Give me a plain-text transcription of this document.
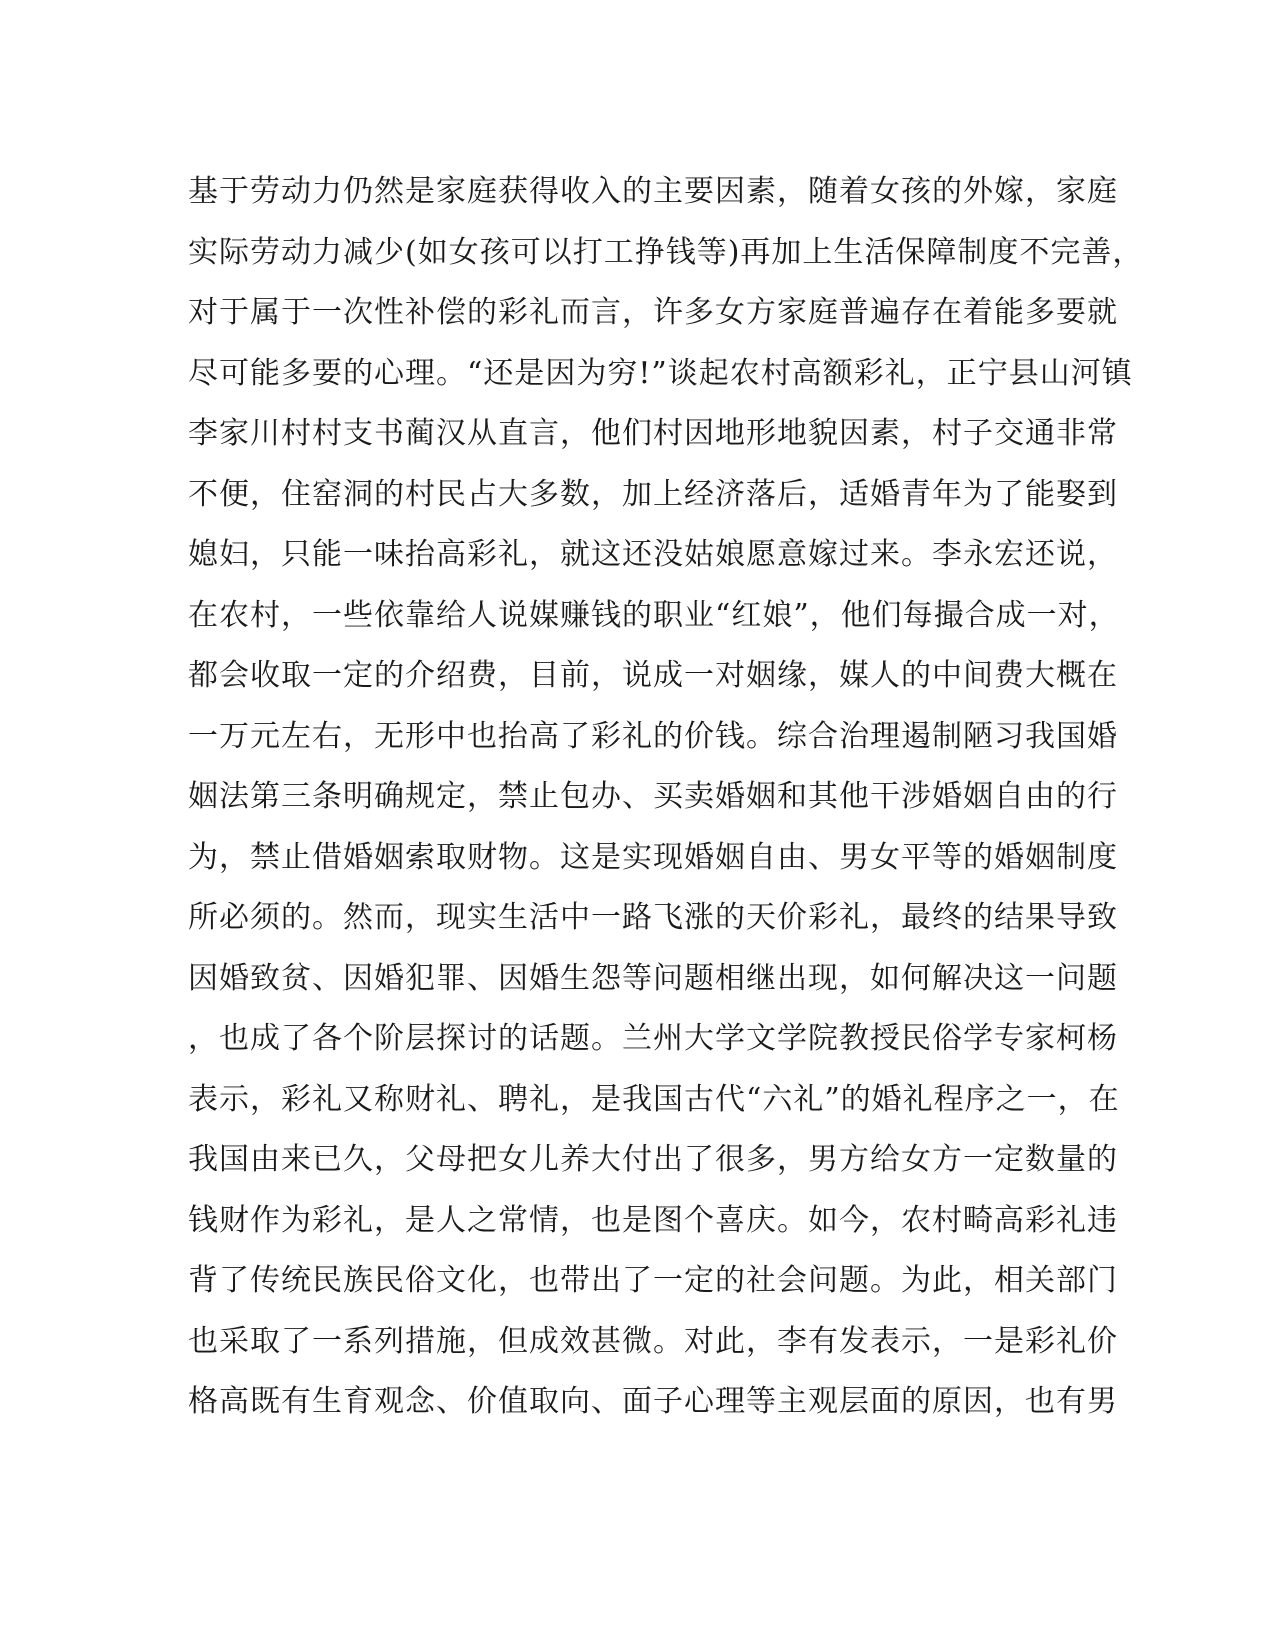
基于劳动力仍然是家庭获得收入的主要因素，随着女孩的外嫁，家庭
实际劳动力减少(如女孩可以打工挣钱等)再加上生活保障制度不完善，
对于属于一次性补偿的彩礼而言，许多女方家庭普遍存在着能多要就
尽可能多要的心理。“还是因为穷!”谈起农村高额彩礼，正宁县山河镇
李家川村村支书蔺汉从直言，他们村因地形地貌因素，村子交通非常
不便，住窑洞的村民占大多数，加上经济落后，适婚青年为了能娶到
媳妇，只能一味抬高彩礼，就这还没姑娘愿意嫁过来。李永宏还说，
在农村，一些依靠给人说媒赚钱的职业“红娘”，他们每撮合成一对，
都会收取一定的介绍费，目前，说成一对姻缘，媒人的中间费大概在
一万元左右，无形中也抬高了彩礼的价钱。综合治理遏制陋习我国婚
姻法第三条明确规定，禁止包办、买卖婚姻和其他干涉婚姻自由的行
为，禁止借婚姻索取财物。这是实现婚姻自由、男女平等的婚姻制度
所必须的。然而，现实生活中一路飞涨的天价彩礼，最终的结果导致
因婚致贫、因婚犯罪、因婚生怨等问题相继出现，如何解决这一问题
，也成了各个阶层探讨的话题。兰州大学文学院教授民俗学专家柯杨
表示，彩礼又称财礼、聘礼，是我国古代“六礼”的婚礼程序之一，在
我国由来已久，父母把女儿养大付出了很多，男方给女方一定数量的
钱财作为彩礼，是人之常情，也是图个喜庆。如今，农村畸高彩礼违
背了传统民族民俗文化，也带出了一定的社会问题。为此，相关部门
也采取了一系列措施，但成效甚微。对此，李有发表示，一是彩礼价
格高既有生育观念、价值取向、面子心理等主观层面的原因，也有男
